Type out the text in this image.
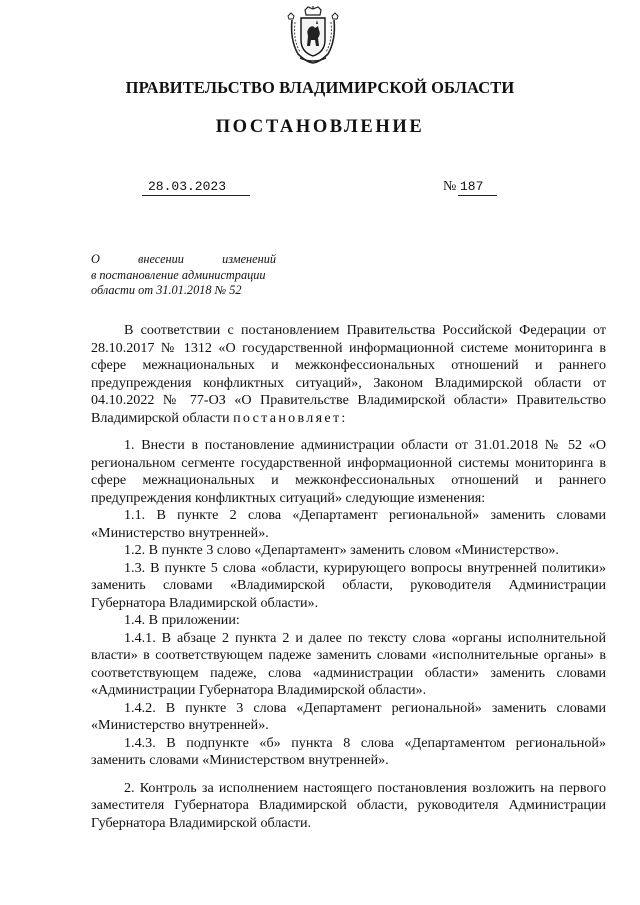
ПРАВИТЕЛЬСТВО ВЛАДИМИРСКОЙ ОБЛАСТИ
ПОСТАНОВЛЕНИЕ
28.03.2023	№ 187
О внесении изменений
в постановление администрации
области от 31.01.2018 № 52

В соответствии с постановлением Правительства Российской Федерации от 28.10.2017 № 1312 «О государственной информационной системе мониторинга в сфере межнациональных и межконфессиональных отношений и раннего предупреждения конфликтных ситуаций», Законом Владимирской области от 04.10.2022 № 77-ОЗ «О Правительстве Владимирской области» Правительство Владимирской области постановляет:

1. Внести в постановление администрации области от 31.01.2018 № 52 «О региональном сегменте государственной информационной системы мониторинга в сфере межнациональных и межконфессиональных отношений и раннего предупреждения конфликтных ситуаций» следующие изменения:

1.1. В пункте 2 слова «Департамент региональной» заменить словами «Министерство внутренней».

1.2. В пункте 3 слово «Департамент» заменить словом «Министерство».

1.3. В пункте 5 слова «области, курирующего вопросы внутренней политики» заменить словами «Владимирской области, руководителя Администрации Губернатора Владимирской области».

1.4. В приложении:

1.4.1. В абзаце 2 пункта 2 и далее по тексту слова «органы исполнительной власти» в соответствующем падеже заменить словами «исполнительные органы» в соответствующем падеже, слова «администрации области» заменить словами «Администрации Губернатора Владимирской области».

1.4.2. В пункте 3 слова «Департамент региональной» заменить словами «Министерство внутренней».

1.4.3. В подпункте «б» пункта 8 слова «Департаментом региональной» заменить словами «Министерством внутренней».

2. Контроль за исполнением настоящего постановления возложить на первого заместителя Губернатора Владимирской области, руководителя Администрации Губернатора Владимирской области.
